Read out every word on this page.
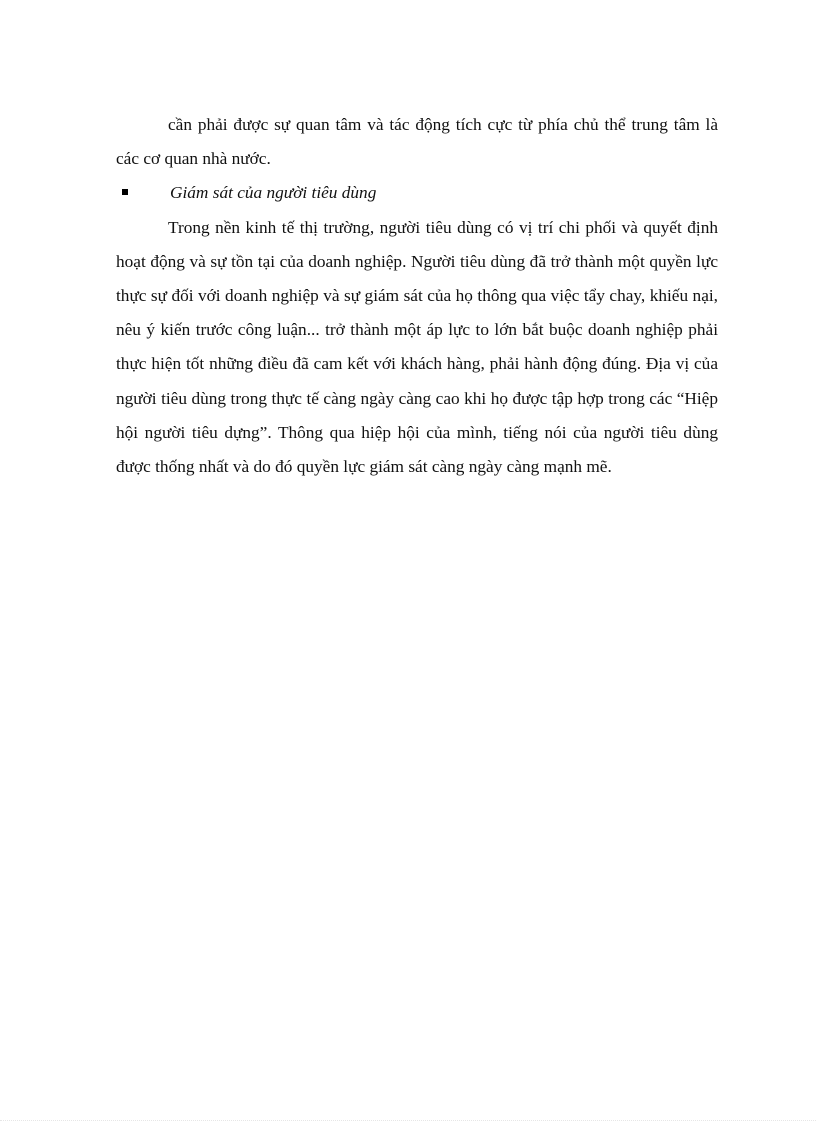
cần phải được sự quan tâm và tác động tích cực từ phía chủ thể trung tâm là các cơ quan nhà nước.

Giám sát của người tiêu dùng

Trong nền kinh tế thị trường, người tiêu dùng có vị trí chi phối và quyết định hoạt động và sự tồn tại của doanh nghiệp. Người tiêu dùng đã trở thành một quyền lực thực sự đối với doanh nghiệp và sự giám sát của họ thông qua việc tẩy chay, khiếu nại, nêu ý kiến trước công luận... trở thành một áp lực to lớn bắt buộc doanh nghiệp phải thực hiện tốt những điều đã cam kết với khách hàng, phải hành động đúng. Địa vị của người tiêu dùng trong thực tế càng ngày càng cao khi họ được tập hợp trong các “Hiệp hội người tiêu dựng”. Thông qua hiệp hội của mình, tiếng nói của người tiêu dùng được thống nhất và do đó quyền lực giám sát càng ngày càng mạnh mẽ.
